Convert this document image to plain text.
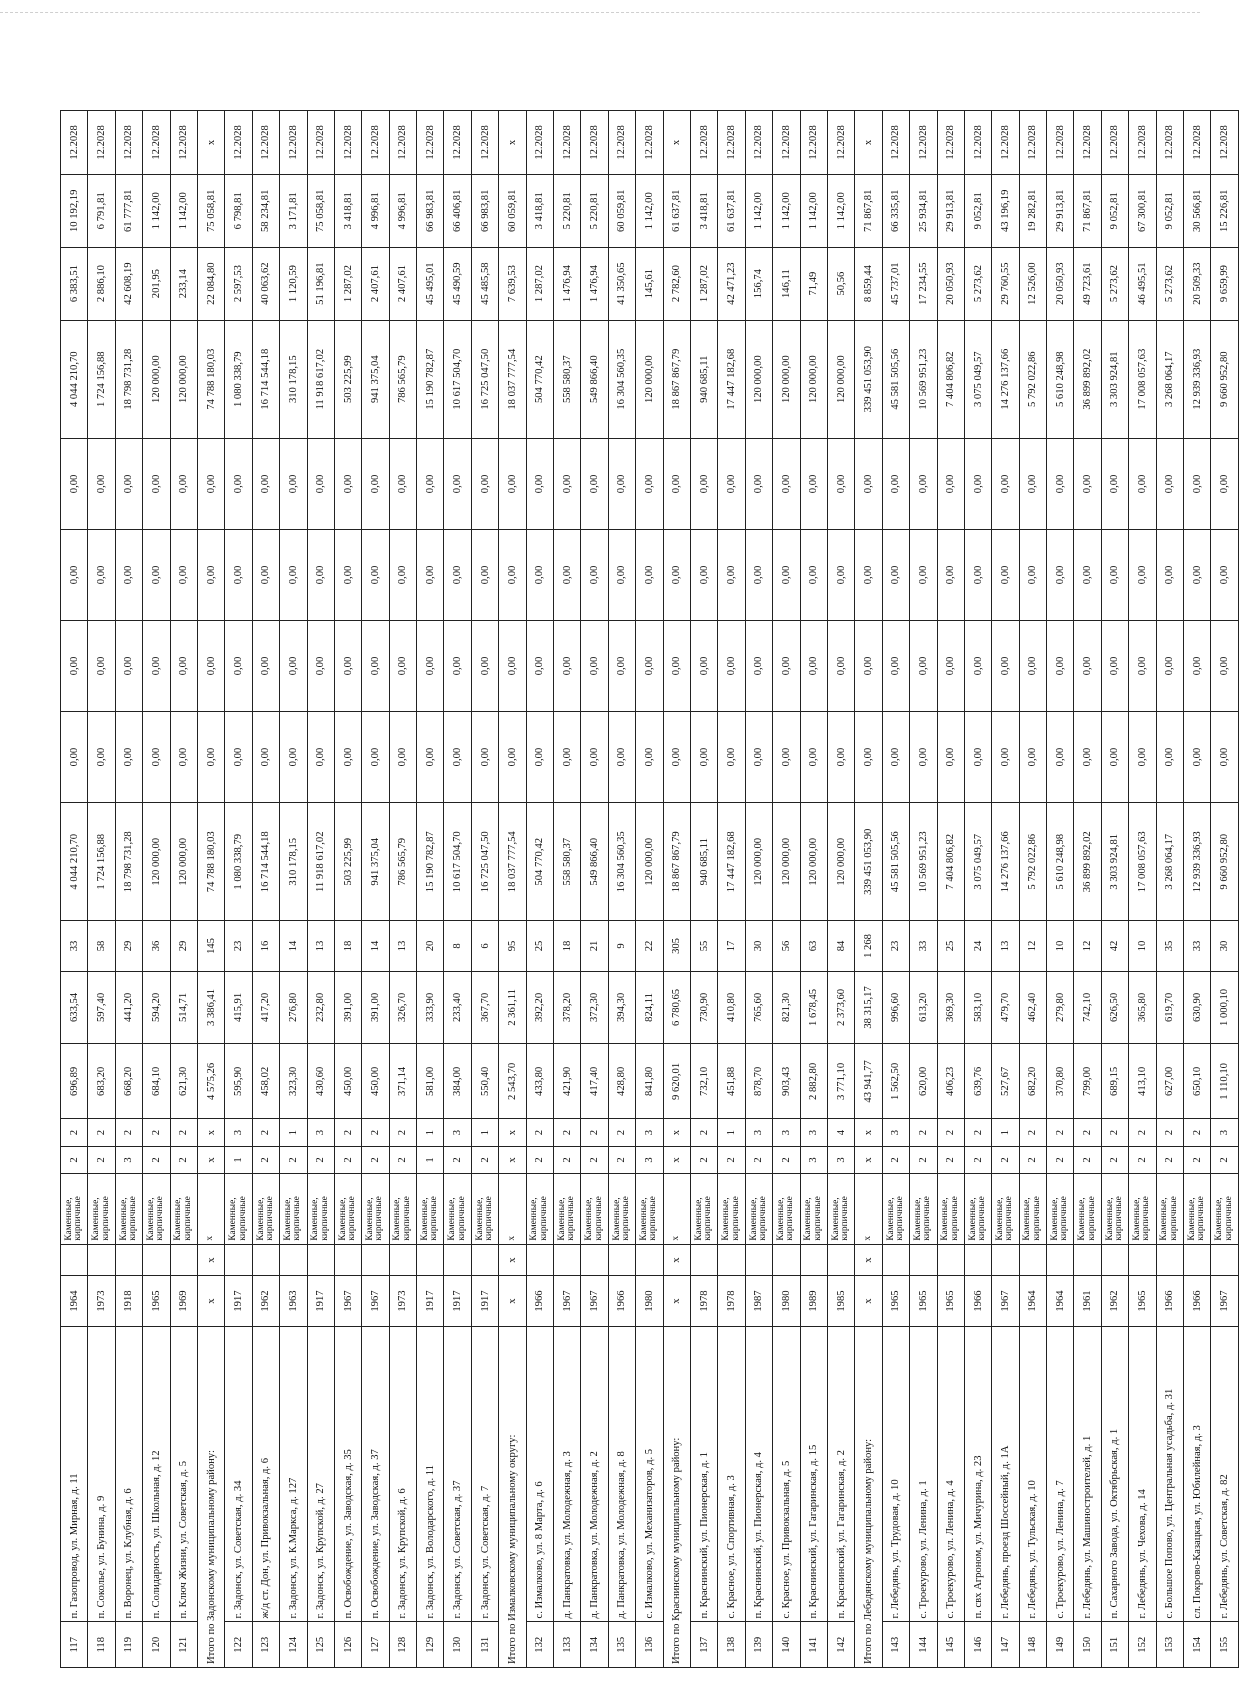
117	п. Газопровод, ул. Мирная, д. 11	1964		Каменные, кирпичные	2	2	696,89	633,54	33	4 044 210,70	0,00	0,00	0,00	0,00	4 044 210,70	6 383,51	10 192,19	12.2028
118	п. Соколье, ул. Бунина, д. 9	1973		Каменные, кирпичные	2	2	683,20	597,40	58	1 724 156,88	0,00	0,00	0,00	0,00	1 724 156,88	2 886,10	6 791,81	12.2028
119	п. Воронец, ул. Клубная, д. 6	1918		Каменные, кирпичные	3	2	668,20	441,20	29	18 798 731,28	0,00	0,00	0,00	0,00	18 798 731,28	42 608,19	61 777,81	12.2028
120	п. Солидарность, ул. Школьная, д. 12	1965		Каменные, кирпичные	2	2	684,10	594,20	36	120 000,00	0,00	0,00	0,00	0,00	120 000,00	201,95	1 142,00	12.2028
121	п. Ключ Жизни, ул. Советская, д. 5	1969		Каменные, кирпичные	2	2	621,30	514,71	29	120 000,00	0,00	0,00	0,00	0,00	120 000,00	233,14	1 142,00	12.2028
Итого по Задонскому муниципальному району:		x	x	x	x	x	4 575,26	3 386,41	145	74 788 180,03	0,00	0,00	0,00	0,00	74 788 180,03	22 084,80	75 058,81	x
122	г. Задонск, ул. Советская, д. 34	1917		Каменные, кирпичные	1	3	595,90	415,91	23	1 080 338,79	0,00	0,00	0,00	0,00	1 080 338,79	2 597,53	6 798,81	12.2028
123	ж/д ст. Дон, ул. Привокзальная, д. 6	1962		Каменные, кирпичные	2	2	458,02	417,20	16	16 714 544,18	0,00	0,00	0,00	0,00	16 714 544,18	40 063,62	58 234,81	12.2028
124	г. Задонск, ул. К.Маркса, д. 127	1963		Каменные, кирпичные	2	1	323,30	276,80	14	310 178,15	0,00	0,00	0,00	0,00	310 178,15	1 120,59	3 171,81	12.2028
125	г. Задонск, ул. Крупской, д. 27	1917		Каменные, кирпичные	2	3	430,60	232,80	13	11 918 617,02	0,00	0,00	0,00	0,00	11 918 617,02	51 196,81	75 058,81	12.2028
126	п. Освобождение, ул. Заводская, д. 35	1967		Каменные, кирпичные	2	2	450,00	391,00	18	503 225,99	0,00	0,00	0,00	0,00	503 225,99	1 287,02	3 418,81	12.2028
127	п. Освобождение, ул. Заводская, д. 37	1967		Каменные, кирпичные	2	2	450,00	391,00	14	941 375,04	0,00	0,00	0,00	0,00	941 375,04	2 407,61	4 996,81	12.2028
128	г. Задонск, ул. Крупской, д. 6	1973		Каменные, кирпичные	2	2	371,14	326,70	13	786 565,79	0,00	0,00	0,00	0,00	786 565,79	2 407,61	4 996,81	12.2028
129	г. Задонск, ул. Володарского, д. 11	1917		Каменные, кирпичные	1	1	581,00	333,90	20	15 190 782,87	0,00	0,00	0,00	0,00	15 190 782,87	45 495,01	66 983,81	12.2028
130	г. Задонск, ул. Советская, д. 37	1917		Каменные, кирпичные	2	3	384,00	233,40	8	10 617 504,70	0,00	0,00	0,00	0,00	10 617 504,70	45 490,59	66 406,81	12.2028
131	г. Задонск, ул. Советская, д. 7	1917		Каменные, кирпичные	2	1	550,40	367,70	6	16 725 047,50	0,00	0,00	0,00	0,00	16 725 047,50	45 485,58	66 983,81	12.2028
Итого по Измалковскому муниципальному округу:		x	x	x	x	x	2 543,70	2 361,11	95	18 037 777,54	0,00	0,00	0,00	0,00	18 037 777,54	7 639,53	60 059,81	x
132	с. Измалково, ул. 8 Марта, д. 6	1966		Каменные, кирпичные	2	2	433,80	392,20	25	504 770,42	0,00	0,00	0,00	0,00	504 770,42	1 287,02	3 418,81	12.2028
133	д. Панкратовка, ул. Молодежная, д. 3	1967		Каменные, кирпичные	2	2	421,90	378,20	18	558 580,37	0,00	0,00	0,00	0,00	558 580,37	1 476,94	5 220,81	12.2028
134	д. Панкратовка, ул. Молодежная, д. 2	1967		Каменные, кирпичные	2	2	417,40	372,30	21	549 866,40	0,00	0,00	0,00	0,00	549 866,40	1 476,94	5 220,81	12.2028
135	д. Панкратовка, ул. Молодежная, д. 8	1966		Каменные, кирпичные	2	2	428,80	394,30	9	16 304 560,35	0,00	0,00	0,00	0,00	16 304 560,35	41 350,65	60 059,81	12.2028
136	с. Измалково, ул. Механизаторов, д. 5	1980		Каменные, кирпичные	3	3	841,80	824,11	22	120 000,00	0,00	0,00	0,00	0,00	120 000,00	145,61	1 142,00	12.2028
Итого по Краснинскому муниципальному району:		x	x	x	x	x	9 620,01	6 780,65	305	18 867 867,79	0,00	0,00	0,00	0,00	18 867 867,79	2 782,60	61 637,81	x
137	п. Краснинский, ул. Пионерская, д. 1	1978		Каменные, кирпичные	2	2	732,10	730,90	55	940 685,11	0,00	0,00	0,00	0,00	940 685,11	1 287,02	3 418,81	12.2028
138	с. Красное, ул. Спортивная, д. 3	1978		Каменные, кирпичные	2	1	451,88	410,80	17	17 447 182,68	0,00	0,00	0,00	0,00	17 447 182,68	42 471,23	61 637,81	12.2028
139	п. Краснинский, ул. Пионерская, д. 4	1987		Каменные, кирпичные	2	3	878,70	765,60	30	120 000,00	0,00	0,00	0,00	0,00	120 000,00	156,74	1 142,00	12.2028
140	с. Красное, ул. Привокзальная, д. 5	1980		Каменные, кирпичные	2	3	903,43	821,30	56	120 000,00	0,00	0,00	0,00	0,00	120 000,00	146,11	1 142,00	12.2028
141	п. Краснинский, ул. Гагаринская, д. 15	1989		Каменные, кирпичные	3	3	2 882,80	1 678,45	63	120 000,00	0,00	0,00	0,00	0,00	120 000,00	71,49	1 142,00	12.2028
142	п. Краснинский, ул. Гагаринская, д. 2	1985		Каменные, кирпичные	3	4	3 771,10	2 373,60	84	120 000,00	0,00	0,00	0,00	0,00	120 000,00	50,56	1 142,00	12.2028
Итого по Лебедянскому муниципальному району:		x	x	x	x	x	43 941,77	38 315,17	1 268	339 451 053,90	0,00	0,00	0,00	0,00	339 451 053,90	8 859,44	71 867,81	x
143	г. Лебедянь, ул. Трудовая, д. 10	1965		Каменные, кирпичные	2	3	1 562,50	996,60	23	45 581 505,56	0,00	0,00	0,00	0,00	45 581 505,56	45 737,01	66 335,81	12.2028
144	с. Троекурово, ул. Ленина, д. 1	1965		Каменные, кирпичные	2	2	620,00	613,20	33	10 569 951,23	0,00	0,00	0,00	0,00	10 569 951,23	17 234,55	25 934,81	12.2028
145	с. Троекурово, ул. Ленина, д. 4	1965		Каменные, кирпичные	2	2	406,23	369,30	25	7 404 806,82	0,00	0,00	0,00	0,00	7 404 806,82	20 050,93	29 913,81	12.2028
146	п. свх Агроном, ул. Мичурина, д. 23	1966		Каменные, кирпичные	2	2	639,76	583,10	24	3 075 049,57	0,00	0,00	0,00	0,00	3 075 049,57	5 273,62	9 052,81	12.2028
147	г. Лебедянь, проезд Шоссейный, д. 1А	1967		Каменные, кирпичные	2	1	527,67	479,70	13	14 276 137,66	0,00	0,00	0,00	0,00	14 276 137,66	29 760,55	43 196,19	12.2028
148	г. Лебедянь, ул. Тульская, д. 10	1964		Каменные, кирпичные	2	2	682,20	462,40	12	5 792 022,86	0,00	0,00	0,00	0,00	5 792 022,86	12 526,00	19 282,81	12.2028
149	с. Троекурово, ул. Ленина, д. 7	1964		Каменные, кирпичные	2	2	370,80	279,80	10	5 610 248,98	0,00	0,00	0,00	0,00	5 610 248,98	20 050,93	29 913,81	12.2028
150	г. Лебедянь, ул. Машиностроителей, д. 1	1961		Каменные, кирпичные	2	2	799,00	742,10	12	36 899 892,02	0,00	0,00	0,00	0,00	36 899 892,02	49 723,61	71 867,81	12.2028
151	п. Сахарного Завода, ул. Октябрьская, д. 1	1962		Каменные, кирпичные	2	2	689,15	626,50	42	3 303 924,81	0,00	0,00	0,00	0,00	3 303 924,81	5 273,62	9 052,81	12.2028
152	г. Лебедянь, ул. Чехова, д. 14	1965		Каменные, кирпичные	2	2	413,10	365,80	10	17 008 057,63	0,00	0,00	0,00	0,00	17 008 057,63	46 495,51	67 300,81	12.2028
153	с. Большое Попово, ул. Центральная усадьба, д. 31	1966		Каменные, кирпичные	2	2	627,00	619,70	35	3 268 064,17	0,00	0,00	0,00	0,00	3 268 064,17	5 273,62	9 052,81	12.2028
154	сл. Покрово-Казацкая, ул. Юбилейная, д. 3	1966		Каменные, кирпичные	2	2	650,10	630,90	33	12 939 336,93	0,00	0,00	0,00	0,00	12 939 336,93	20 509,33	30 566,81	12.2028
155	г. Лебедянь, ул. Советская, д. 82	1967		Каменные, кирпичные	2	3	1 110,10	1 000,10	30	9 660 952,80	0,00	0,00	0,00	0,00	9 660 952,80	9 659,99	15 226,81	12.2028
